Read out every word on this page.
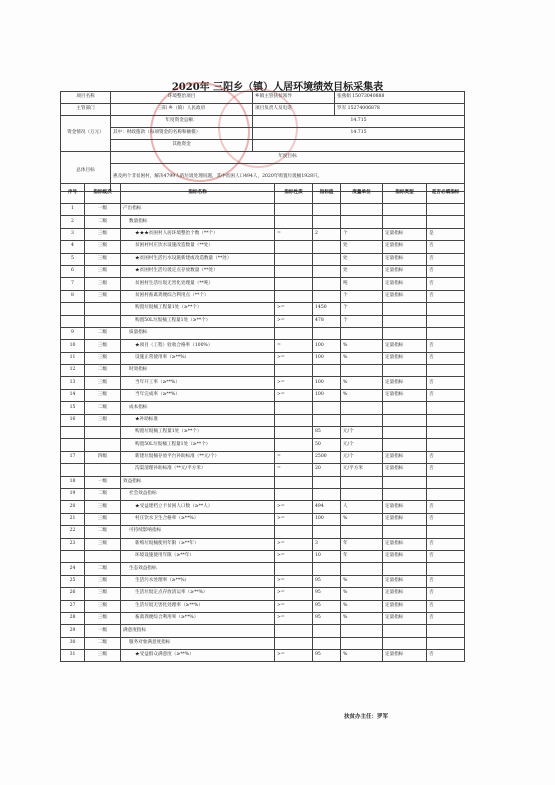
2020年 三阳乡（镇）人居环境绩效目标采集表
项目名称	环境整治项目	乡镇主管扶贫领导	张燕娟 15073040888
主管部门	三阳 乡（镇）人民政府	项目负责人及电话	罗军 15274006878
资金情况（万元）	年度资金总额：	14.715	
	其中：财政拨款（每项资金的名称和额模）	14.715	
	其他资金		
总体目标	年度目标		
	惠及两个非贫困村，解决4799人的垃圾处理问题，其中贫困人口494人，2020年购置垃圾桶1928只。		
序号	指标级次	指标名称	指标性质	指标值	度量单位	指标类型	是否必填指标
1	一级	产出指标					
2	二级	数量指标					
3	三级	★★★贫困村人居环境整治个数（**个）	=	2	个	定量指标	是
4	三级	贫困村村庄饮水设施改造数量（**处）			处	定量指标	否
5	三级	★贫困村生活污水设施新建或改造数量（**处）			处	定量指标	否
6	三级	★贫困村生活垃圾定点存放数量（**处）			处	定量指标	否
7	三级	贫困村生活垃圾无害化处理量（**吨）			吨	定量指标	否
8	三级	贫困村畜禽粪便综合利用点（**个）			个	定量指标	否
		购置垃圾桶工程量1处（≥**个）	>=	1450	个		
		购置50L垃圾桶工程量1处（≥**个）	>=	478	个		
9	二级	质量指标					
10	三级	★项目（工程）验收合格率（100%）	=	100	%	定量指标	否
11	三级	设施正常使用率（≥**%）	>=	100	%	定量指标	否
12	二级	时效指标					
13	三级	当年开工率（≥**%）	>=	100	%	定量指标	否
14	三级	当年完成率（≥**%）	>=	100	%	定量指标	否
15	二级	成本指标					
16	三级	★补助标准					
		购置垃圾桶工程量1处（≥**个）		85	元/个		
		购置50L垃圾桶工程量1处（≥**个）		50	元/个		
17	四级	新建垃圾桶存放平台补助标准（**元/个）	=	2500	元/个	定量指标	否
		沟渠清理补助标准（**元/平方米）	=	20	元/平方米	定量指标	否
18	一级	效益指标					
19	二级	社会效益指标					
20	三级	★受益建档立卡贫困人口数（≥**人）	>=	494	人	定量指标	否
21	三级	村庄饮水卫生合格率（≥**%）	>=	100	%	定量指标	否
22	二级	可持续影响指标					
23	三级	新购垃圾桶使用年限（≥**年）	>=	3	年	定量指标	否
		环境设施使用年限（≥**年）	>=	10	年	定量指标	否
24	二级	生态效益指标					
25	三级	生活污水处理率（≥**%）	>=	95	%	定量指标	否
26	三级	生活垃圾定点存放清运率（≥**%）	>=	95	%	定量指标	否
27	三级	生活垃圾无害化处理率（≥**%）	>=	95	%	定量指标	否
28	三级	畜禽粪便综合利用率（≥**%）	>=	95	%	定量指标	否
29	一级	满意度指标					
30	二级	服务对象满意度指标					
31	三级	★受益群众满意度（≥**%）	>=	95	%	定量指标	否
扶贫办主任：罗军
